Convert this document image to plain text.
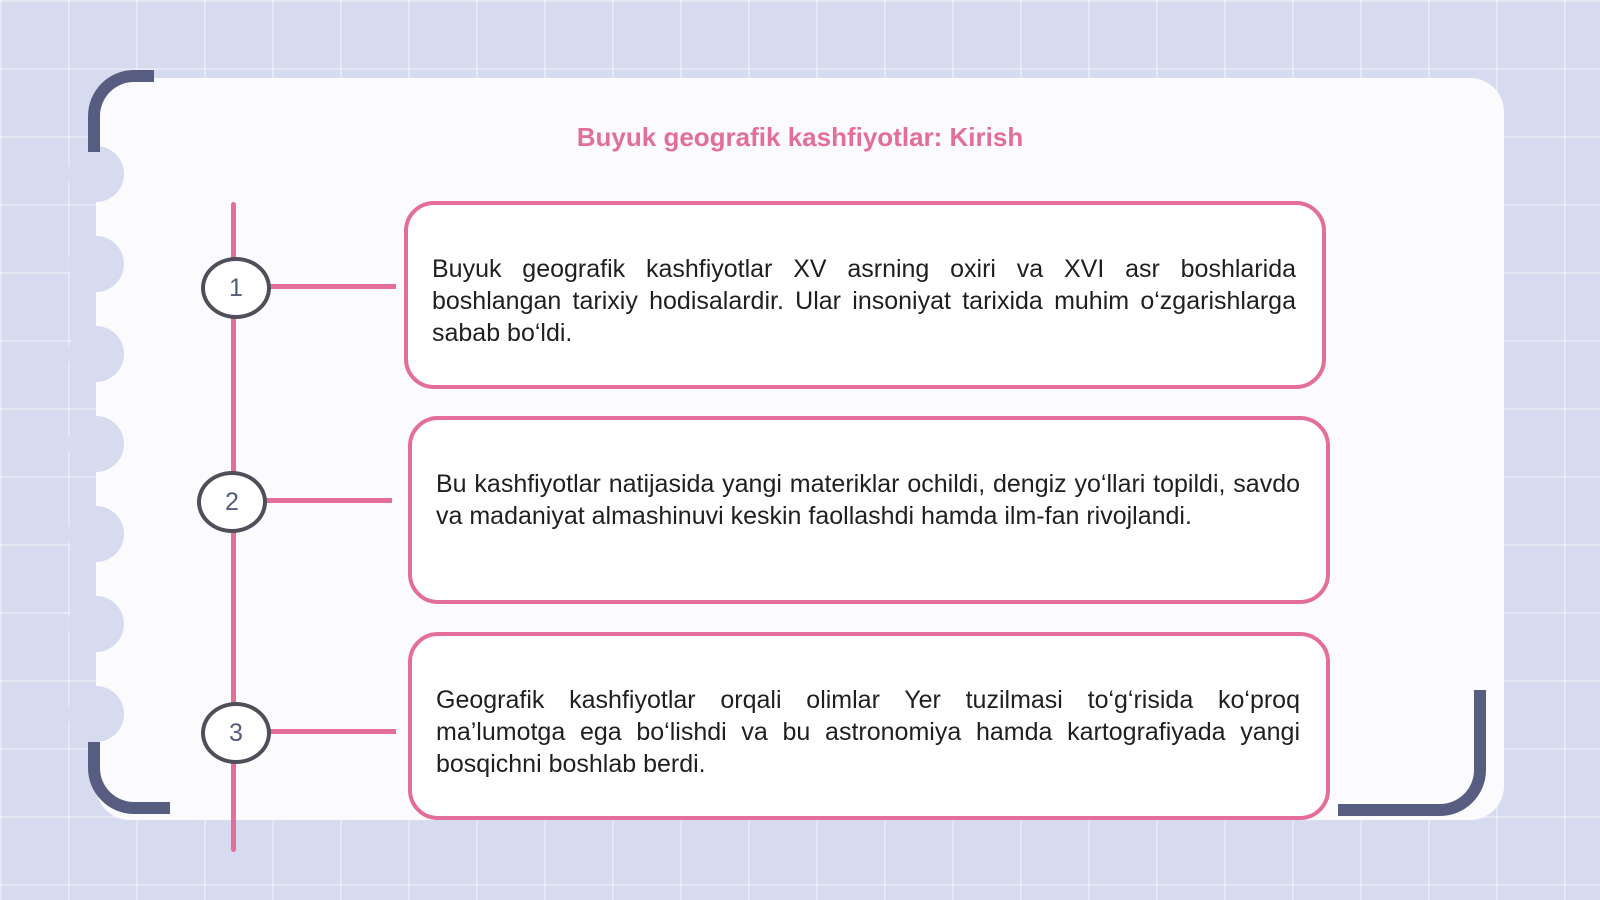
Buyuk geografik kashfiyotlar: Kirish
1

Buyuk geografik kashfiyotlar XV asrning oxiri va XVI asr boshlarida boshlangan tarixiy hodisalardir. Ular insoniyat tarixida muhim o‘zgarishlarga sabab bo‘ldi.

2

Bu kashfiyotlar natijasida yangi materiklar ochildi, dengiz yo‘llari topildi, savdo va madaniyat almashinuvi keskin faollashdi hamda ilm-fan rivojlandi.

3

Geografik kashfiyotlar orqali olimlar Yer tuzilmasi to‘g‘risida ko‘proq ma’lumotga ega bo‘lishdi va bu astronomiya hamda kartografiyada yangi bosqichni boshlab berdi.
